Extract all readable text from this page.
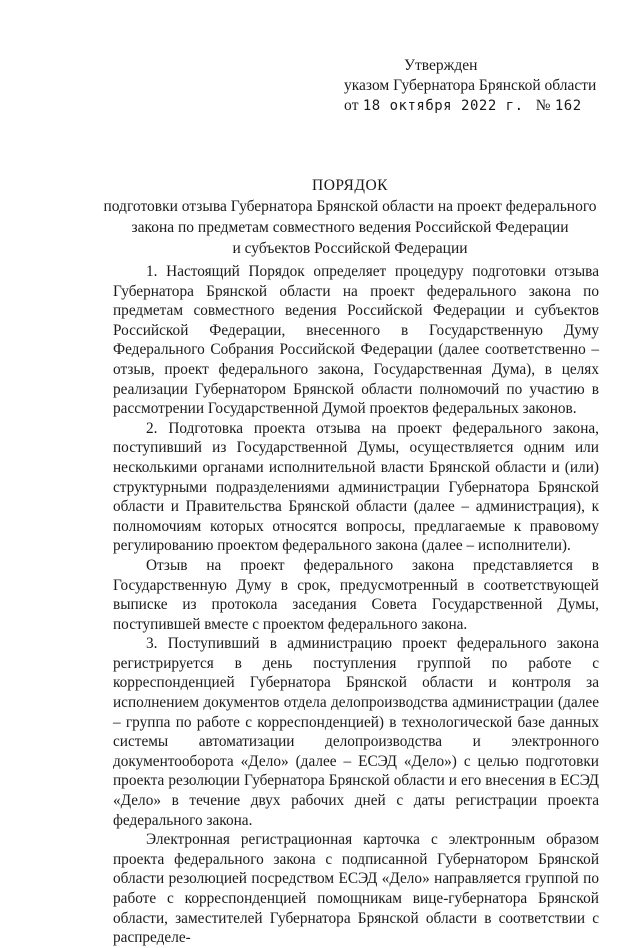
Утвержден
указом Губернатора Брянской области
от 18 октября 2022 г. № 162
ПОРЯДОК
подготовки отзыва Губернатора Брянской области на проект федерального
закона по предметам совместного ведения Российской Федерации
и субъектов Российской Федерации

1. Настоящий Порядок определяет процедуру подготовки отзыва Губернатора Брянской области на проект федерального закона по предметам совместного ведения Российской Федерации и субъектов Российской Федерации, внесенного в Государственную Думу Федерального Собрания Российской Федерации (далее соответственно – отзыв, проект федерального закона, Государственная Дума), в целях реализации Губернатором Брянской области полномочий по участию в рассмотрении Государственной Думой проектов федеральных законов.

2. Подготовка проекта отзыва на проект федерального закона, поступивший из Государственной Думы, осуществляется одним или несколькими органами исполнительной власти Брянской области и (или) структурными подразделениями администрации Губернатора Брянской области и Правительства Брянской области (далее – администрация), к полномочиям которых относятся вопросы, предлагаемые к правовому регулированию проектом федерального закона (далее – исполнители).

Отзыв на проект федерального закона представляется в Государственную Думу в срок, предусмотренный в соответствующей выписке из протокола заседания Совета Государственной Думы, поступившей вместе с проектом федерального закона.

3. Поступивший в администрацию проект федерального закона регистрируется в день поступления группой по работе с корреспонденцией Губернатора Брянской области и контроля за исполнением документов отдела делопроизводства администрации (далее – группа по работе с корреспонденцией) в технологической базе данных системы автоматизации делопроизводства и электронного документооборота «Дело» (далее – ЕСЭД «Дело») с целью подготовки проекта резолюции Губернатора Брянской области и его внесения в ЕСЭД «Дело» в течение двух рабочих дней с даты регистрации проекта федерального закона.

Электронная регистрационная карточка с электронным образом проекта федерального закона с подписанной Губернатором Брянской области резолюцией посредством ЕСЭД «Дело» направляется группой по работе с корреспонденцией помощникам вице-губернатора Брянской области, заместителей Губернатора Брянской области в соответствии с распределе-
